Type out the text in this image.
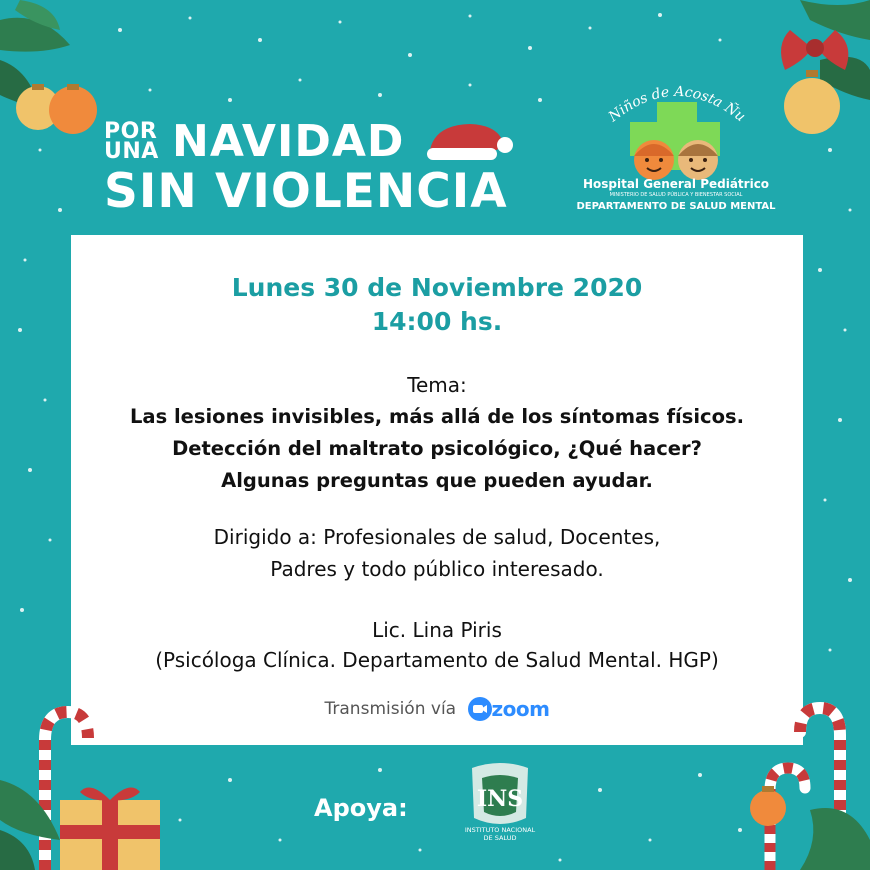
POR
UNA NAVIDAD
SIN VIOLENCIA
Niños de Acosta Ñu
Hospital General Pediátrico
MINISTERIO DE SALUD PÚBLICA Y BIENESTAR SOCIAL
DEPARTAMENTO DE SALUD MENTAL
Lunes 30 de Noviembre 2020
14:00 hs.
Tema:
Las lesiones invisibles, más allá de los síntomas físicos.
Detección del maltrato psicológico, ¿Qué hacer?
Algunas preguntas que pueden ayudar.
Dirigido a: Profesionales de salud, Docentes,
Padres y todo público interesado.
Lic. Lina Piris
(Psicóloga Clínica. Departamento de Salud Mental. HGP)
Transmisión vía zoom
Apoya:	INS
INSTITUTO NACIONAL
DE SALUD
